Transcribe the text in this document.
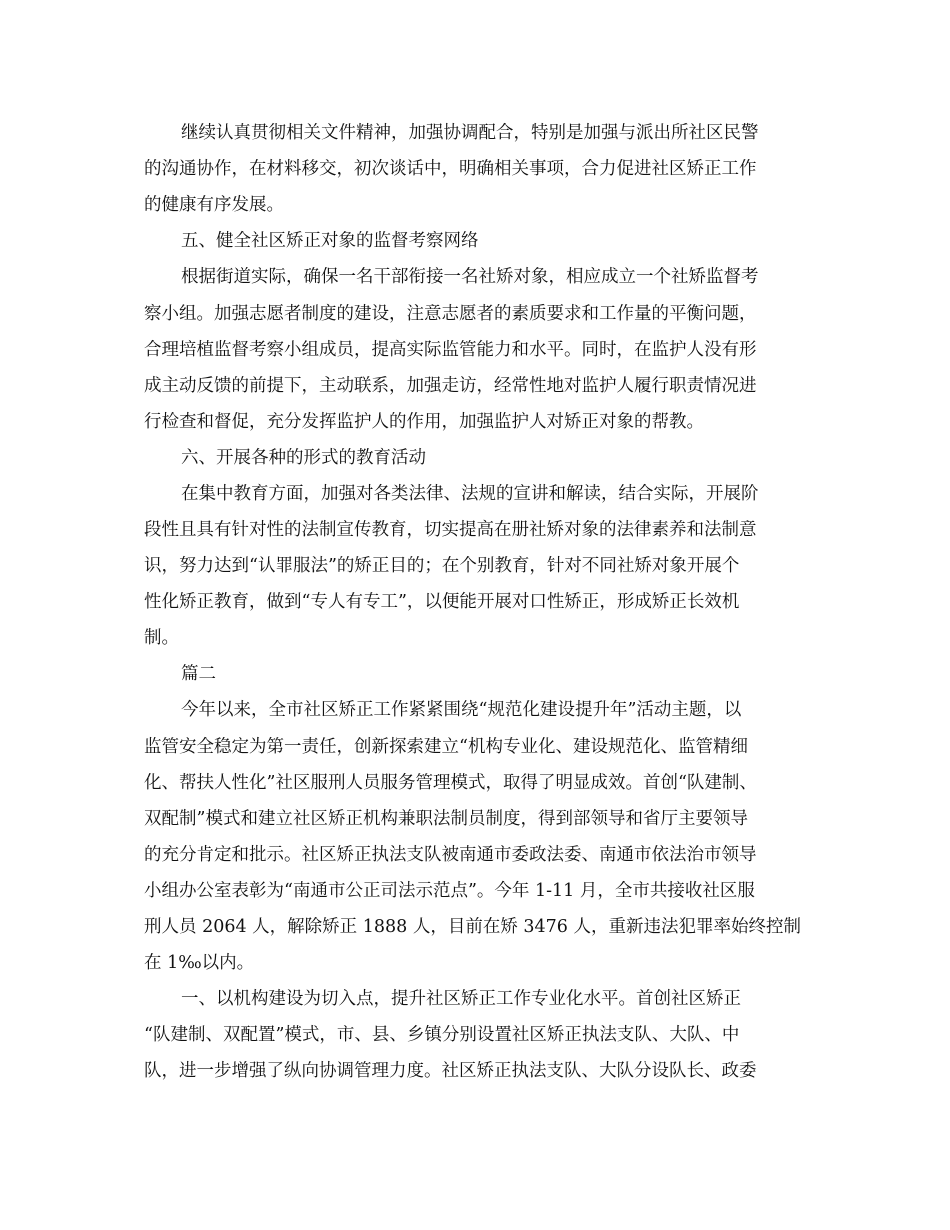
继续认真贯彻相关文件精神，加强协调配合，特别是加强与派出所社区民警
的沟通协作，在材料移交，初次谈话中，明确相关事项，合力促进社区矫正工作
的健康有序发展。
五、健全社区矫正对象的监督考察网络
根据街道实际，确保一名干部衔接一名社矫对象，相应成立一个社矫监督考
察小组。加强志愿者制度的建设，注意志愿者的素质要求和工作量的平衡问题，
合理培植监督考察小组成员，提高实际监管能力和水平。同时，在监护人没有形
成主动反馈的前提下，主动联系，加强走访，经常性地对监护人履行职责情况进
行检查和督促，充分发挥监护人的作用，加强监护人对矫正对象的帮教。
六、开展各种的形式的教育活动
在集中教育方面，加强对各类法律、法规的宣讲和解读，结合实际，开展阶
段性且具有针对性的法制宣传教育，切实提高在册社矫对象的法律素养和法制意
识，努力达到“认罪服法”的矫正目的；在个别教育，针对不同社矫对象开展个
性化矫正教育，做到“专人有专工”，以便能开展对口性矫正，形成矫正长效机
制。
篇二
今年以来，全市社区矫正工作紧紧围绕“规范化建设提升年”活动主题，以
监管安全稳定为第一责任，创新探索建立“机构专业化、建设规范化、监管精细
化、帮扶人性化”社区服刑人员服务管理模式，取得了明显成效。首创“队建制、
双配制”模式和建立社区矫正机构兼职法制员制度，得到部领导和省厅主要领导
的充分肯定和批示。社区矫正执法支队被南通市委政法委、南通市依法治市领导
小组办公室表彰为“南通市公正司法示范点”。今年 1-11 月，全市共接收社区服
刑人员 2064 人，解除矫正 1888 人，目前在矫 3476 人，重新违法犯罪率始终控制
在 1‰以内。
一、以机构建设为切入点，提升社区矫正工作专业化水平。首创社区矫正
“队建制、双配置”模式，市、县、乡镇分别设置社区矫正执法支队、大队、中
队，进一步增强了纵向协调管理力度。社区矫正执法支队、大队分设队长、政委
